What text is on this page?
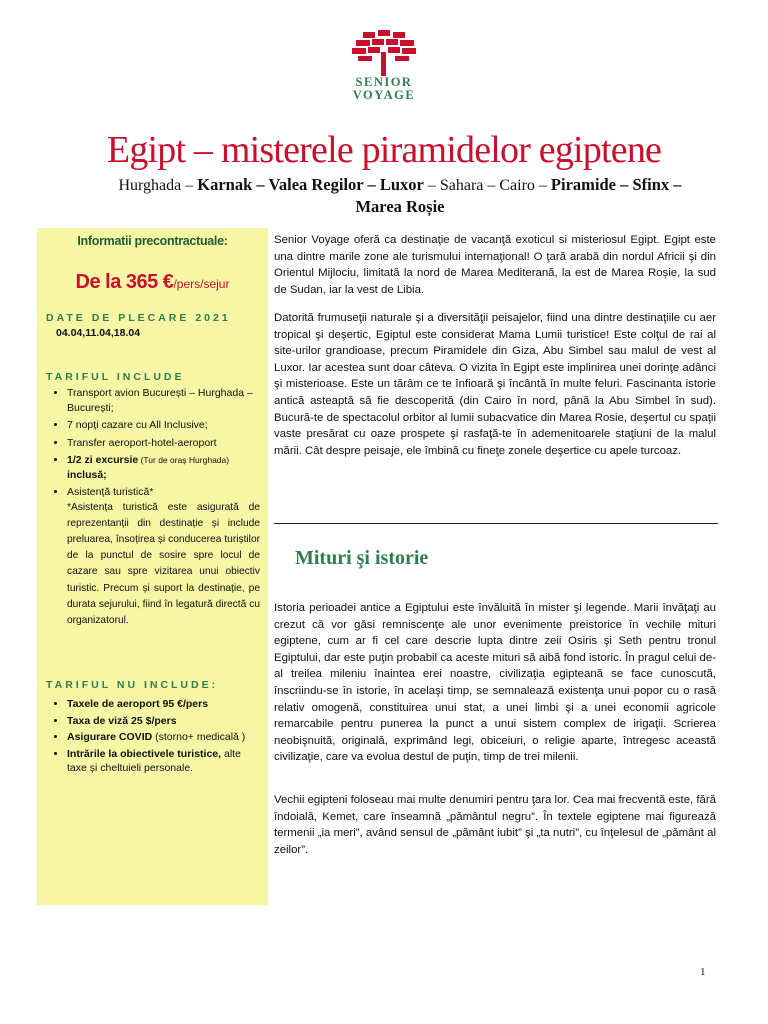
SENIOR
VOYAGE
Egipt – misterele piramidelor egiptene
Hurghada – Karnak – Valea Regilor – Luxor – Sahara – Cairo – Piramide – Sfinx –
Marea Roșie
Informatii precontractuale:
De la 365 €/pers/sejur
DATE DE PLECARE 2021
04.04,11.04,18.04
TARIFUL INCLUDE
• Transport avion București – Hurghada – București;
• 7 nopți cazare cu All Inclusive;
• Transfer aeroport-hotel-aeroport
• 1/2 zi excursie (Tur de oraș Hurghada) inclusă;
• Asistență turistică*

*Asistența turistică este asigurată de reprezentanții din destinație și include preluarea, însoțirea și conducerea turiștilor de la punctul de sosire spre locul de cazare sau spre vizitarea unui obiectiv turistic. Precum și suport la destinație, pe durata sejurului, fiind în legatură directă cu organizatorul.
TARIFUL NU INCLUDE:
• Taxele de aeroport 95 €/pers
• Taxa de viză 25 $/pers
• Asigurare COVID (storno+ medicală )
• Intrările la obiectivele turistice, alte taxe și cheltuieli personale.

Senior Voyage oferă ca destinaţie de vacanţă exoticul si misteriosul Egipt. Egipt este una dintre marile zone ale turismului internaţional! O ţară arabă din nordul Africii şi din Orientul Mijlociu, limitată la nord de Marea Mediterană, la est de Marea Roșie, la sud de Sudan, iar la vest de Libia.

Datorită frumuseţii naturale şi a diversităţii peisajelor, fiind una dintre destinaţiile cu aer tropical şi deşertic, Egiptul este considerat Mama Lumii turistice! Este colţul de rai al site-urilor grandioase, precum Piramidele din Giza, Abu Simbel sau malul de vest al Luxor. Iar acestea sunt doar câteva. O vizita în Egipt este implinirea unei dorinţe adânci şi misterioase. Este un tărâm ce te înfioară şi încântă în multe feluri. Fascinanta istorie antică asteaptă să fie descoperită (din Cairo în nord, până la Abu Simbel în sud). Bucură-te de spectacolul orbitor al lumii subacvatice din Marea Rosie, deşertul cu spaţii vaste presărat cu oaze prospete şi rasfaţă-te în ademenitoarele staţiuni de la malul mării. Cât despre peisaje, ele îmbină cu fineţe zonele deşertice cu apele turcoaz.

Mituri şi istorie

Istoria perioadei antice a Egiptului este învăluită în mister şi legende. Marii învăţaţi au crezut că vor găsi remniscenţe ale unor evenimente preistorice în vechile mituri egiptene, cum ar fi cel care descrie lupta dintre zeii Osiris şi Seth pentru tronul Egiptului, dar este puţin probabil ca aceste mituri să aibă fond istoric. În pragul celui de-al treilea mileniu înaintea erei noastre, civilizaţia egipteană se face cunoscută, înscriindu-se în istorie, în acelaşi timp, se semnalează existenţa unui popor cu o rasă relativ omogenă, constituirea unui stat, a unei limbi şi a unei economii agricole remarcabile pentru punerea la punct a unui sistem complex de irigaţii. Scrierea neobişnuită, originală, exprimând legi, obiceiuri, o religie aparte, întregesc această civilizaţie, care va evolua destul de puţin, timp de trei milenii.

Vechii egipteni foloseau mai multe denumiri pentru ţara lor. Cea mai frecventă este, fără îndoială, Kemet, care înseamnă „pământul negru”. În textele egiptene mai figurează termenii „ia meri”, având sensul de „pământ iubit” şi „ta nutri”, cu înţelesul de „pământ al zeilor”.

1
